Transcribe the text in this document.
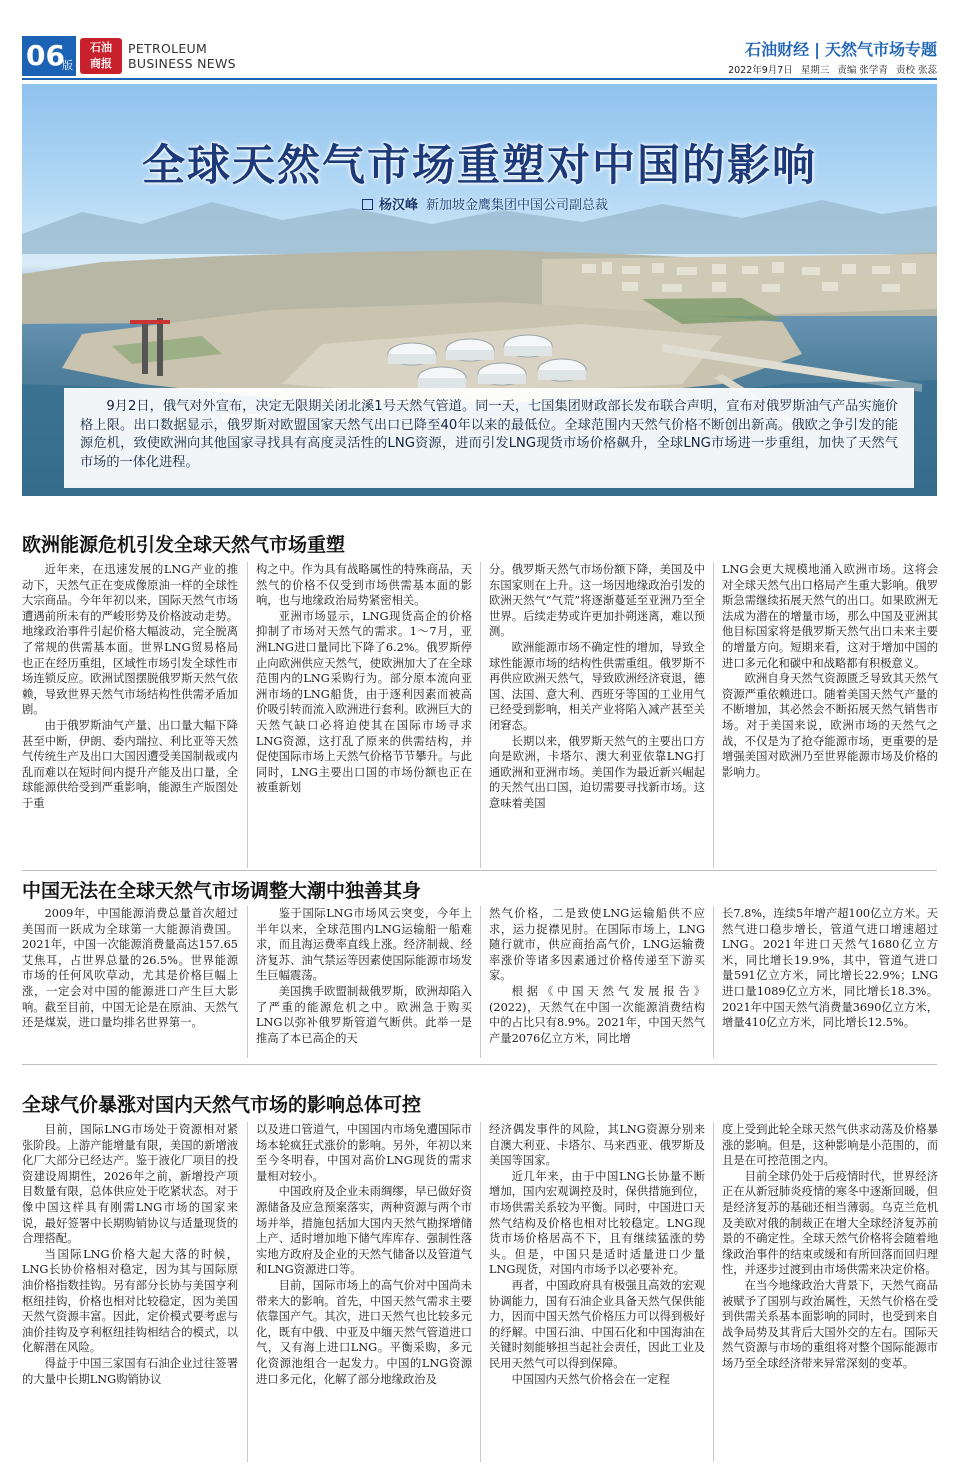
06
版
石油商报
PETROLEUM
BUSINESS NEWS
石油财经 | 天然气市场专题
2022年9月7日 星期三 责编 张学青 责校 张蕊
全球天然气市场重塑对中国的影响
杨汉峰 新加坡金鹰集团中国公司副总裁
9月2日，俄气对外宣布，决定无限期关闭北溪1号天然气管道。同一天，七国集团财政部长发布联合声明，宣布对俄罗斯油气产品实施价格上限。出口数据显示，俄罗斯对欧盟国家天然气出口已降至40年以来的最低位。全球范围内天然气价格不断创出新高。俄欧之争引发的能源危机，致使欧洲向其他国家寻找具有高度灵活性的LNG资源，进而引发LNG现货市场价格飙升，全球LNG市场进一步重组，加快了天然气市场的一体化进程。
欧洲能源危机引发全球天然气市场重塑

近年来，在迅速发展的LNG产业的推动下，天然气正在变成像原油一样的全球性大宗商品。今年年初以来，国际天然气市场遭遇前所未有的严峻形势及价格波动走势。地缘政治事件引起价格大幅波动，完全脱离了常规的供需基本面。世界LNG贸易格局也正在经历重组，区域性市场引发全球性市场连锁反应。欧洲试图摆脱俄罗斯天然气依赖，导致世界天然气市场结构性供需矛盾加剧。

由于俄罗斯油气产量、出口量大幅下降甚至中断，伊朗、委内瑞拉、利比亚等天然气传统生产及出口大国因遭受美国制裁或内乱而难以在短时间内提升产能及出口量，全球能源供给受到严重影响，能源生产版图处于重

构之中。作为具有战略属性的特殊商品，天然气的价格不仅受到市场供需基本面的影响，也与地缘政治局势紧密相关。

亚洲市场显示，LNG现货高企的价格抑制了市场对天然气的需求。1～7月，亚洲LNG进口量同比下降了6.2%。俄罗斯停止向欧洲供应天然气，使欧洲加大了在全球范围内的LNG采购行为。部分原本流向亚洲市场的LNG船货，由于逐利因素而被高价吸引转而流入欧洲进行套利。欧洲巨大的天然气缺口必将迫使其在国际市场寻求LNG资源，这打乱了原来的供需结构，并促使国际市场上天然气价格节节攀升。与此同时，LNG主要出口国的市场份额也正在被重新划

分。俄罗斯天然气市场份额下降，美国及中东国家则在上升。这一场因地缘政治引发的欧洲天然气“气荒”将逐渐蔓延至亚洲乃至全世界。后续走势或许更加扑朔迷离，难以预测。

欧洲能源市场不确定性的增加，导致全球性能源市场的结构性供需重组。俄罗斯不再供应欧洲天然气，导致欧洲经济衰退，德国、法国、意大利、西班牙等国的工业用气已经受到影响，相关产业将陷入减产甚至关闭窘态。

长期以来，俄罗斯天然气的主要出口方向是欧洲，卡塔尔、澳大利亚依靠LNG打通欧洲和亚洲市场。美国作为最近新兴崛起的天然气出口国，迫切需要寻找新市场。这意味着美国

LNG会更大规模地涌入欧洲市场。这将会对全球天然气出口格局产生重大影响。俄罗斯急需继续拓展天然气的出口。如果欧洲无法成为潜在的增量市场，那么中国及亚洲其他目标国家将是俄罗斯天然气出口未来主要的增量方向。短期来看，这对于增加中国的进口多元化和碳中和战略都有积极意义。

欧洲自身天然气资源匮乏导致其天然气资源严重依赖进口。随着美国天然气产量的不断增加，其必然会不断拓展天然气销售市场。对于美国来说，欧洲市场的天然气之战，不仅是为了抢夺能源市场，更重要的是增强美国对欧洲乃至世界能源市场及价格的影响力。

中国无法在全球天然气市场调整大潮中独善其身

2009年，中国能源消费总量首次超过美国而一跃成为全球第一大能源消费国。2021年，中国一次能源消费量高达157.65艾焦耳，占世界总量的26.5%。世界能源市场的任何风吹草动，尤其是价格巨幅上涨，一定会对中国的能源进口产生巨大影响。截至目前，中国无论是在原油、天然气还是煤炭，进口量均排名世界第一。

鉴于国际LNG市场风云突变，今年上半年以来，全球范围内LNG运输船一船难求，而且海运费率直线上涨。经济制裁、经济复苏、油气禁运等因素使国际能源市场发生巨幅震荡。

美国携手欧盟制裁俄罗斯，欧洲却陷入了严重的能源危机之中。欧洲急于购买LNG以弥补俄罗斯管道气断供。此举一是推高了本已高企的天

然气价格，二是致使LNG运输船供不应求，运力捉襟见肘。在国际市场上，LNG随行就市，供应商抬高气价，LNG运输费率涨价等诸多因素通过价格传递至下游买家。

根据《中国天然气发展报告》(2022)，天然气在中国一次能源消费结构中的占比只有8.9%。2021年，中国天然气产量2076亿立方米，同比增

长7.8%，连续5年增产超100亿立方米。天然气进口稳步增长，管道气进口增速超过LNG。2021年进口天然气1680亿立方米，同比增长19.9%，其中，管道气进口量591亿立方米，同比增长22.9%；LNG进口量1089亿立方米，同比增长18.3%。2021年中国天然气消费量3690亿立方米，增量410亿立方米，同比增长12.5%。

全球气价暴涨对国内天然气市场的影响总体可控

目前，国际LNG市场处于资源相对紧张阶段。上游产能增量有限，美国的新增液化厂大部分已经达产。鉴于液化厂项目的投资建设周期性，2026年之前，新增投产项目数量有限，总体供应处于吃紧状态。对于像中国这样具有刚需LNG市场的国家来说，最好签署中长期购销协议与适量现货的合理搭配。

当国际LNG价格大起大落的时候，LNG长协价格相对稳定，因为其与国际原油价格指数挂钩。另有部分长协与美国亨利枢纽挂钩，价格也相对比较稳定，因为美国天然气资源丰富。因此，定价模式要考虑与油价挂钩及亨利枢纽挂钩相结合的模式，以化解潜在风险。

得益于中国三家国有石油企业过往签署的大量中长期LNG购销协议

以及进口管道气，中国国内市场免遭国际市场本轮疯狂式涨价的影响。另外，年初以来至今冬明春，中国对高价LNG现货的需求量相对较小。

中国政府及企业未雨绸缪，早已做好资源储备及应急预案落实，两种资源与两个市场并举，措施包括加大国内天然气勘探增储上产、适时增加地下储气库库存、强制性落实地方政府及企业的天然气储备以及管道气和LNG资源进口等。

目前，国际市场上的高气价对中国尚未带来大的影响。首先，中国天然气需求主要依靠国产气。其次，进口天然气也比较多元化，既有中俄、中亚及中缅天然气管道进口气，又有海上进口LNG。平衡采购，多元化资源池组合一起发力。中国的LNG资源进口多元化，化解了部分地缘政治及

经济偶发事件的风险，其LNG资源分别来自澳大利亚、卡塔尔、马来西亚、俄罗斯及美国等国家。

近几年来，由于中国LNG长协量不断增加，国内宏观调控及时，保供措施到位，市场供需关系较为平衡。同时，中国进口天然气结构及价格也相对比较稳定。LNG现货市场价格居高不下，且有继续猛涨的势头。但是，中国只是适时适量进口少量LNG现货，对国内市场予以必要补充。

再者，中国政府具有极强且高效的宏观协调能力，国有石油企业具备天然气保供能力，因而中国天然气价格压力可以得到极好的纾解。中国石油、中国石化和中国海油在关键时刻能够担当起社会责任，因此工业及民用天然气可以得到保障。

中国国内天然气价格会在一定程

度上受到此轮全球天然气供求动荡及价格暴涨的影响。但是，这种影响是小范围的，而且是在可控范围之内。

目前全球仍处于后疫情时代，世界经济正在从新冠肺炎疫情的寒冬中逐渐回暖，但是经济复苏的基础还相当薄弱。乌克兰危机及美欧对俄的制裁正在增大全球经济复苏前景的不确定性。全球天然气价格将会随着地缘政治事件的结束或缓和有所回落而回归理性，并逐步过渡到由市场供需来决定价格。

在当今地缘政治大背景下，天然气商品被赋予了国别与政治属性，天然气价格在受到供需关系基本面影响的同时，也受到来自战争局势及其背后大国外交的左右。国际天然气资源与市场的重组将对整个国际能源市场乃至全球经济带来异常深刻的变革。
